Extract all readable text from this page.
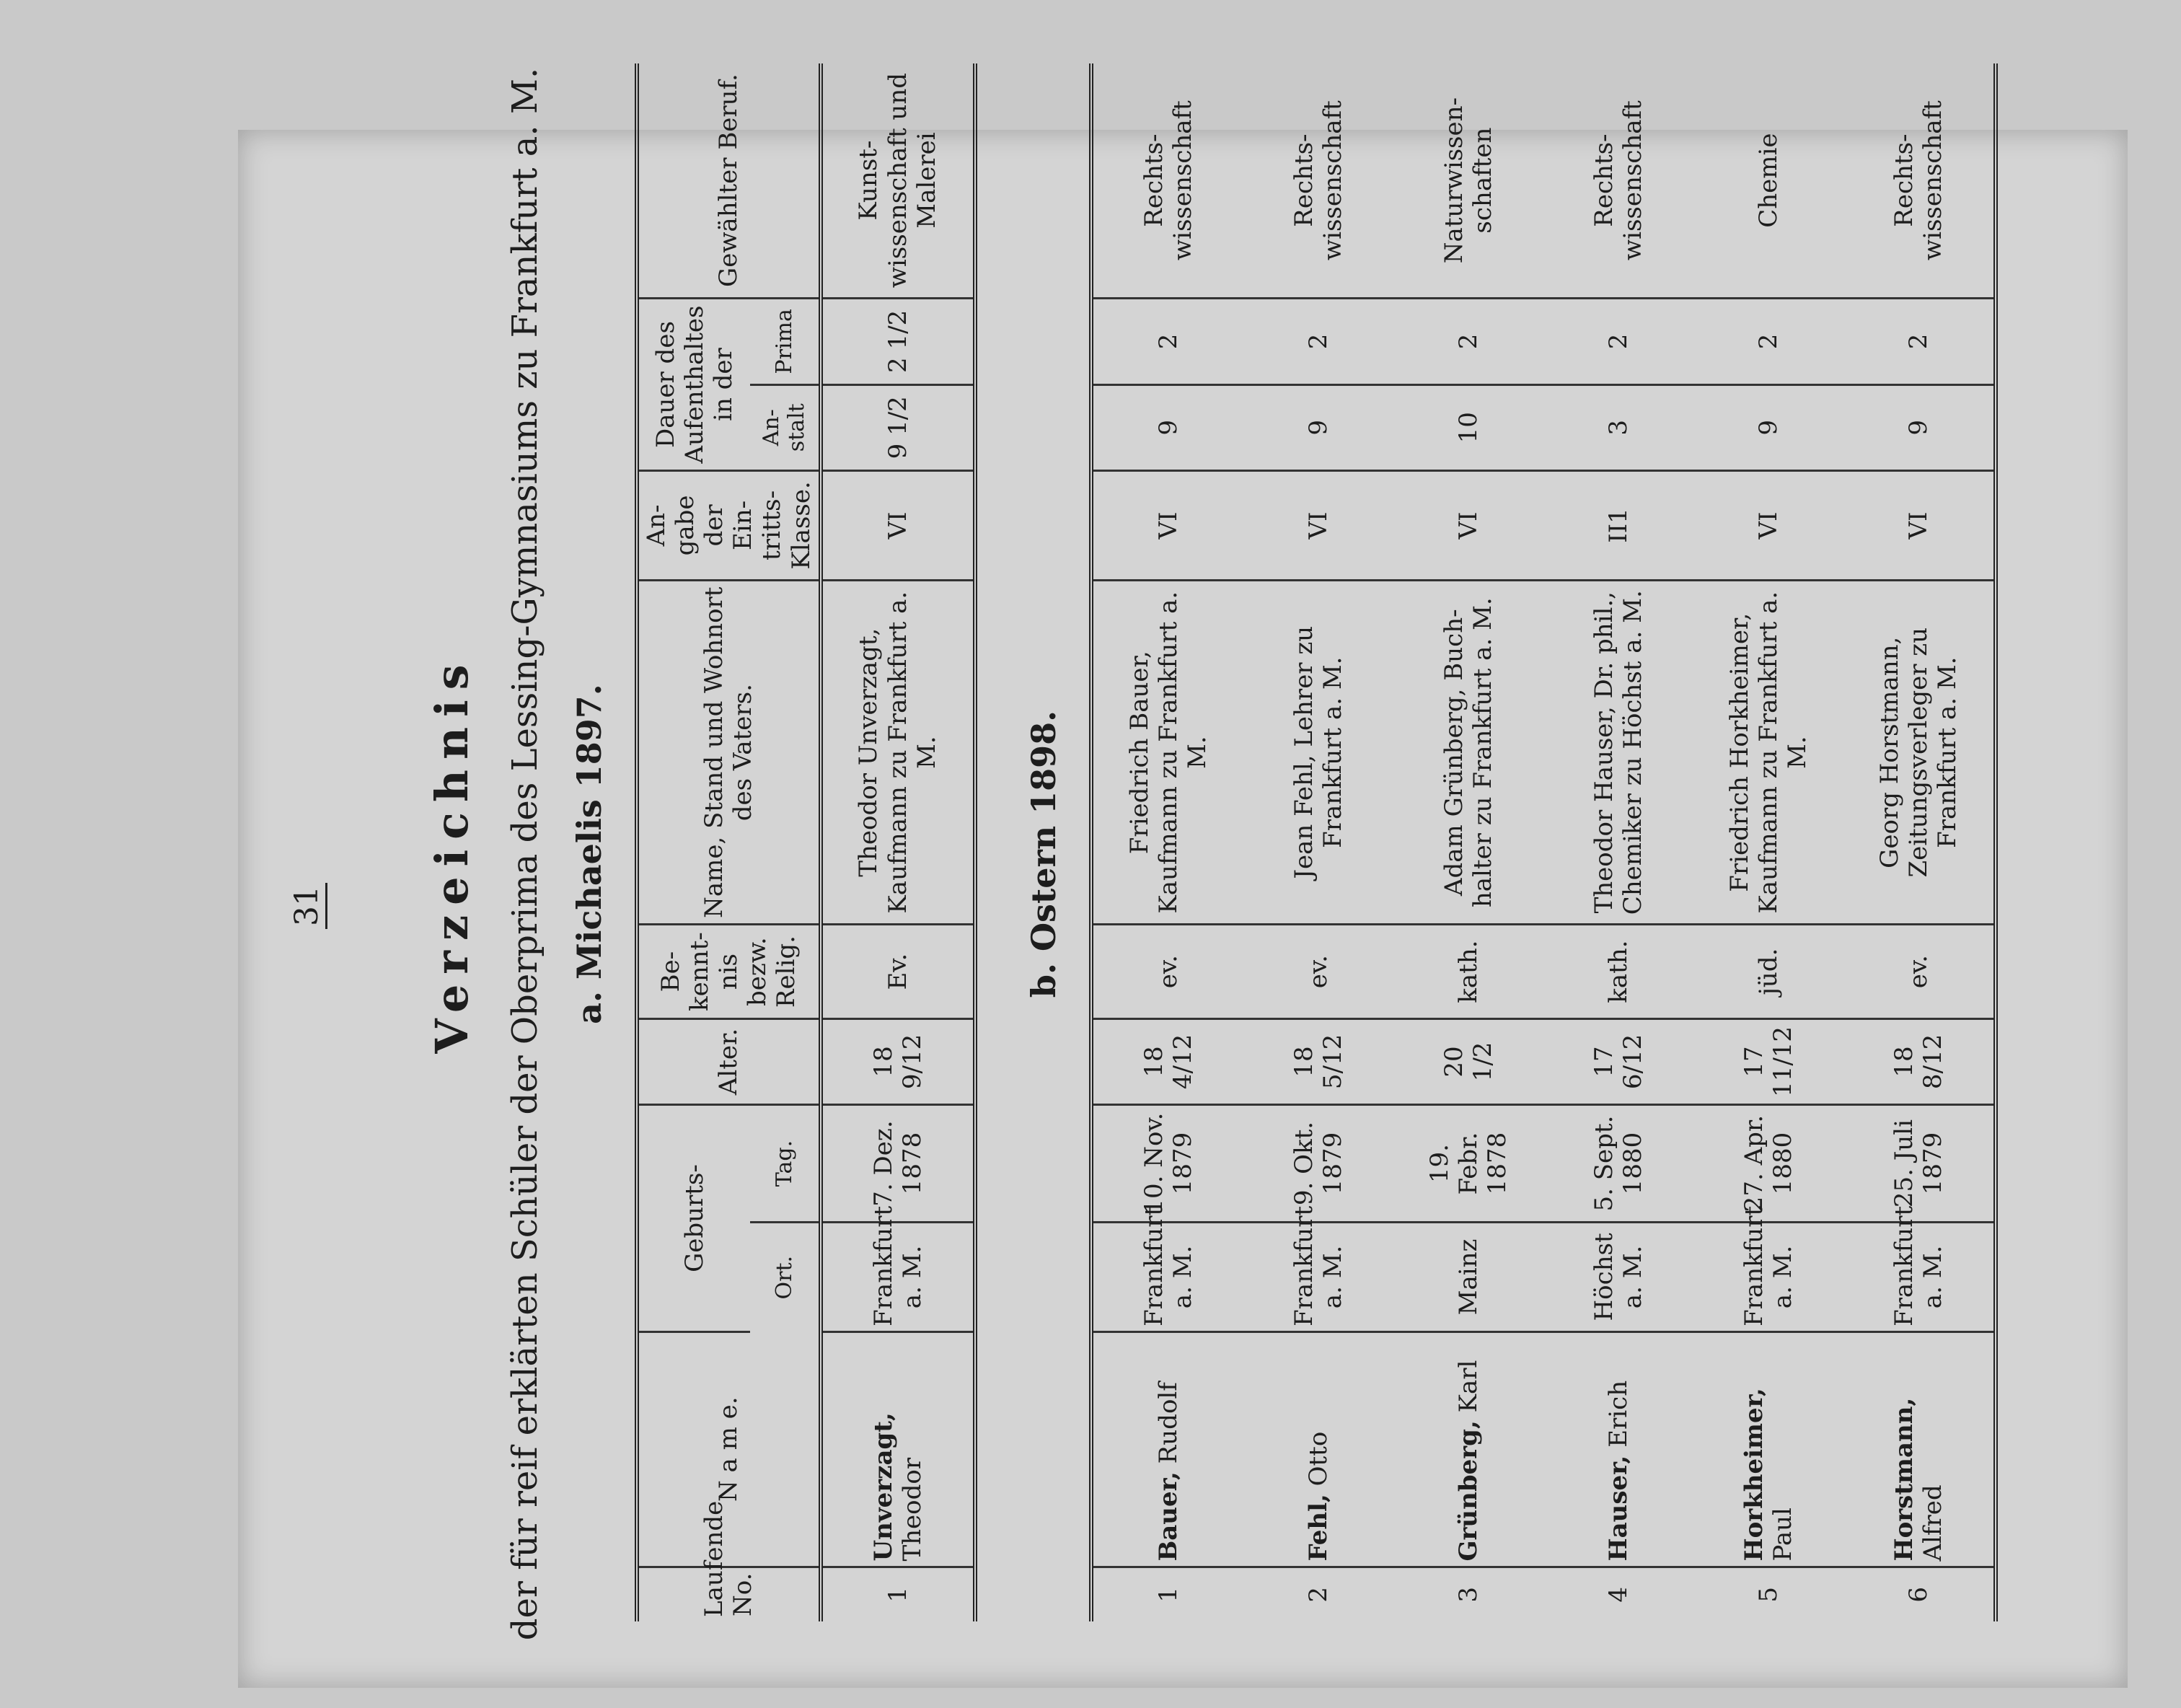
31 Verzeichnis der für reif erklärten Schüler der Oberprima des Lessing-Gymnasiums zu Frankfurt a. M. a. Michaelis 1897.
Laufende No.	N a m e.	Geburts-		Alter.	Be- kennt- nis bezw. Relig.	Name, Stand und Wohnort des Vaters.	An- gabe der Ein- tritts- Klasse.	Dauer des Aufenthaltes in der		Gewählter Beruf.
		Ort.	Tag.					An- stalt	Prima	
1	Unverzagt, Theodor	Frankfurt a. M.	7. Dez. 1878	18 9/12	Ev.	Theodor Unverzagt, Kaufmann zu Frankfurt a. M.	VI	9 1/2	2 1/2	Kunst-wissenschaft und Malerei
b. Ostern 1898.
1	Bauer, Rudolf	Frankfurt a. M.	10. Nov. 1879	18 4/12	ev.	Friedrich Bauer, Kaufmann zu Frankfurt a. M.	VI	9	2	Rechts-wissenschaft
2	Fehl, Otto	Frankfurt a. M.	9. Okt. 1879	18 5/12	ev.	Jean Fehl, Lehrer zu Frankfurt a. M.	VI	9	2	Rechts-wissenschaft
3	Grünberg, Karl	Mainz	19. Febr. 1878	20 1/2	kath.	Adam Grünberg, Buch-halter zu Frankfurt a. M.	VI	10	2	Naturwissen-schaften
4	Hauser, Erich	Höchst a. M.	5. Sept. 1880	17 6/12	kath.	Theodor Hauser, Dr. phil., Chemiker zu Höchst a. M.	II1	3	2	Rechts-wissenschaft
5	Horkheimer, Paul	Frankfurt a. M.	27. Apr. 1880	17 11/12	jüd.	Friedrich Horkheimer, Kaufmann zu Frankfurt a. M.	VI	9	2	Chemie
6	Horstmann, Alfred	Frankfurt a. M.	25. Juli 1879	18 8/12	ev.	Georg Horstmann, Zeitungsverleger zu Frankfurt a. M.	VI	9	2	Rechts-wissenschaft
